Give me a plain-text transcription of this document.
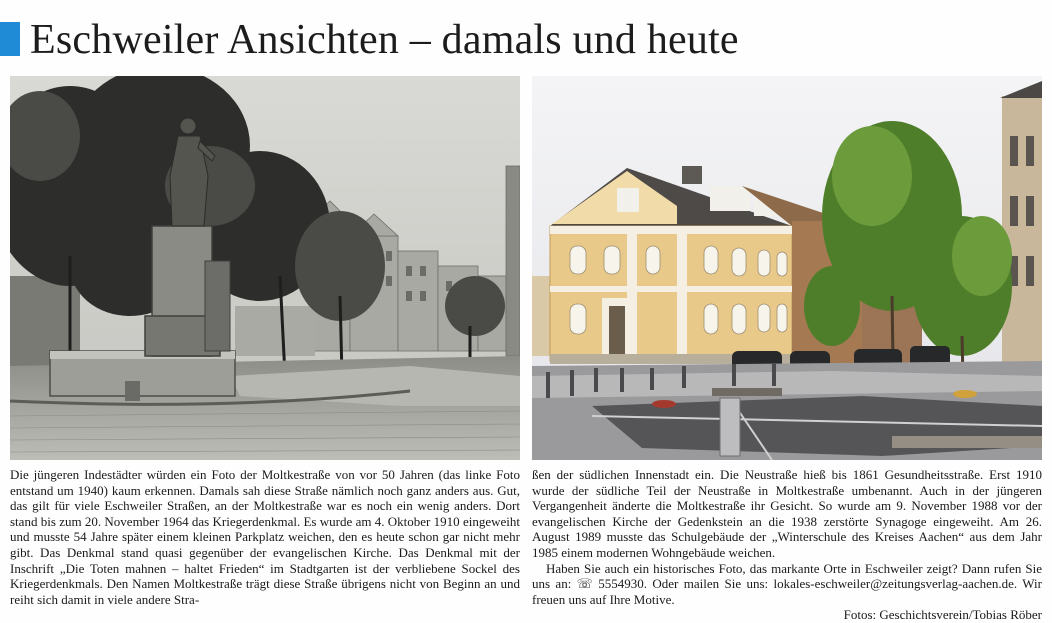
Eschweiler Ansichten – damals und heute

Die jüngeren Indestädter würden ein Foto der Moltkestraße von vor 50 Jahren (das linke Foto entstand um 1940) kaum erkennen. Damals sah diese Straße nämlich noch ganz anders aus. Gut, das gilt für viele Eschweiler Straßen, an der Moltkestraße war es noch ein wenig anders. Dort stand bis zum 20. November 1964 das Kriegerdenkmal. Es wurde am 4. Oktober 1910 eingeweiht und musste 54 Jahre später einem kleinen Parkplatz weichen, den es heute schon gar nicht mehr gibt. Das Denkmal stand quasi gegenüber der evangelischen Kirche. Das Denkmal mit der Inschrift „Die Toten mahnen – haltet Frieden“ im Stadtgarten ist der verbliebene Sockel des Kriegerdenkmals. Den Namen Moltkestraße trägt diese Straße übrigens nicht von Beginn an und reiht sich damit in viele andere Stra-

ßen der südlichen Innenstadt ein. Die Neustraße hieß bis 1861 Gesundheitsstraße. Erst 1910 wurde der südliche Teil der Neustraße in Moltkestraße umbenannt. Auch in der jüngeren Vergangenheit änderte die Moltkestraße ihr Gesicht. So wurde am 9. November 1988 vor der evangelischen Kirche der Gedenkstein an die 1938 zerstörte Synagoge eingeweiht. Am 26. August 1989 musste das Schulgebäude der „Winterschule des Kreises Aachen“ aus dem Jahr 1985 einem modernen Wohngebäude weichen.

Haben Sie auch ein historisches Foto, das markante Orte in Eschweiler zeigt? Dann rufen Sie uns an: ☏ 5554930. Oder mailen Sie uns: lokales-eschweiler@zeitungsverlag-aachen.de. Wir freuen uns auf Ihre Motive.

Fotos: Geschichtsverein/Tobias Röber
